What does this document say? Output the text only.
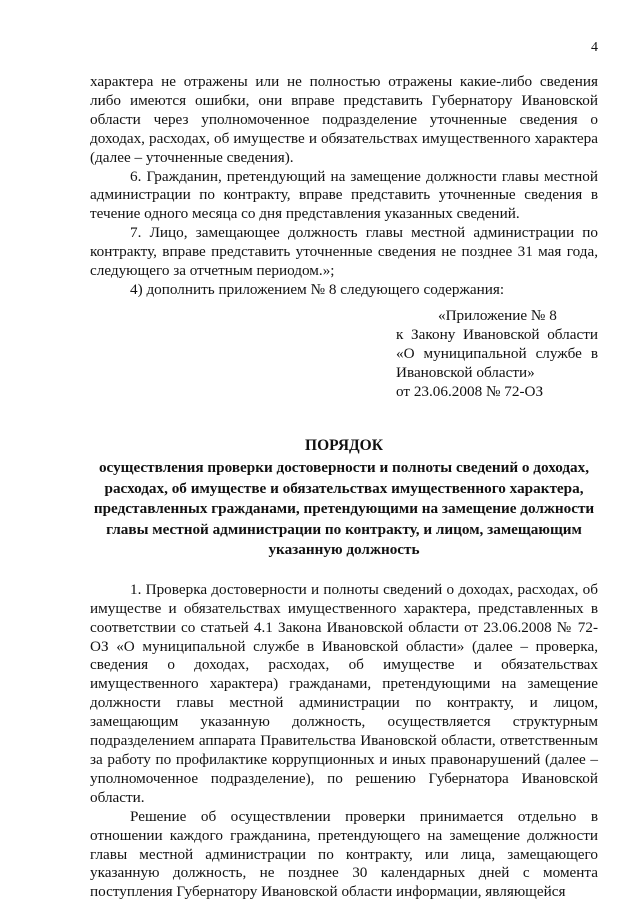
4

характера не отражены или не полностью отражены какие-либо сведения либо имеются ошибки, они вправе представить Губернатору Ивановской области через уполномоченное подразделение уточненные сведения о доходах, расходах, об имуществе и обязательствах имущественного характера (далее – уточненные сведения).

6. Гражданин, претендующий на замещение должности главы местной администрации по контракту, вправе представить уточненные сведения в течение одного месяца со дня представления указанных сведений.

7. Лицо, замещающее должность главы местной администрации по контракту, вправе представить уточненные сведения не позднее 31 мая года, следующего за отчетным периодом.»;

4) дополнить приложением № 8 следующего содержания:

«Приложение № 8

к Закону Ивановской области «О муниципальной службе в Ивановской области»

от 23.06.2008 № 72-ОЗ

ПОРЯДОК

осуществления проверки достоверности и полноты сведений о доходах, расходах, об имуществе и обязательствах имущественного характера, представленных гражданами, претендующими на замещение должности главы местной администрации по контракту, и лицом, замещающим указанную должность

1. Проверка достоверности и полноты сведений о доходах, расходах, об имуществе и обязательствах имущественного характера, представленных в соответствии со статьей 4.1 Закона Ивановской области от 23.06.2008 № 72-ОЗ «О муниципальной службе в Ивановской области» (далее – проверка, сведения о доходах, расходах, об имуществе и обязательствах имущественного характера) гражданами, претендующими на замещение должности главы местной администрации по контракту, и лицом, замещающим указанную должность, осуществляется структурным подразделением аппарата Правительства Ивановской области, ответственным за работу по профилактике коррупционных и иных правонарушений (далее – уполномоченное подразделение), по решению Губернатора Ивановской области.

Решение об осуществлении проверки принимается отдельно в отношении каждого гражданина, претендующего на замещение должности главы местной администрации по контракту, или лица, замещающего указанную должность, не позднее 30 календарных дней с момента поступления Губернатору Ивановской области информации, являющейся
